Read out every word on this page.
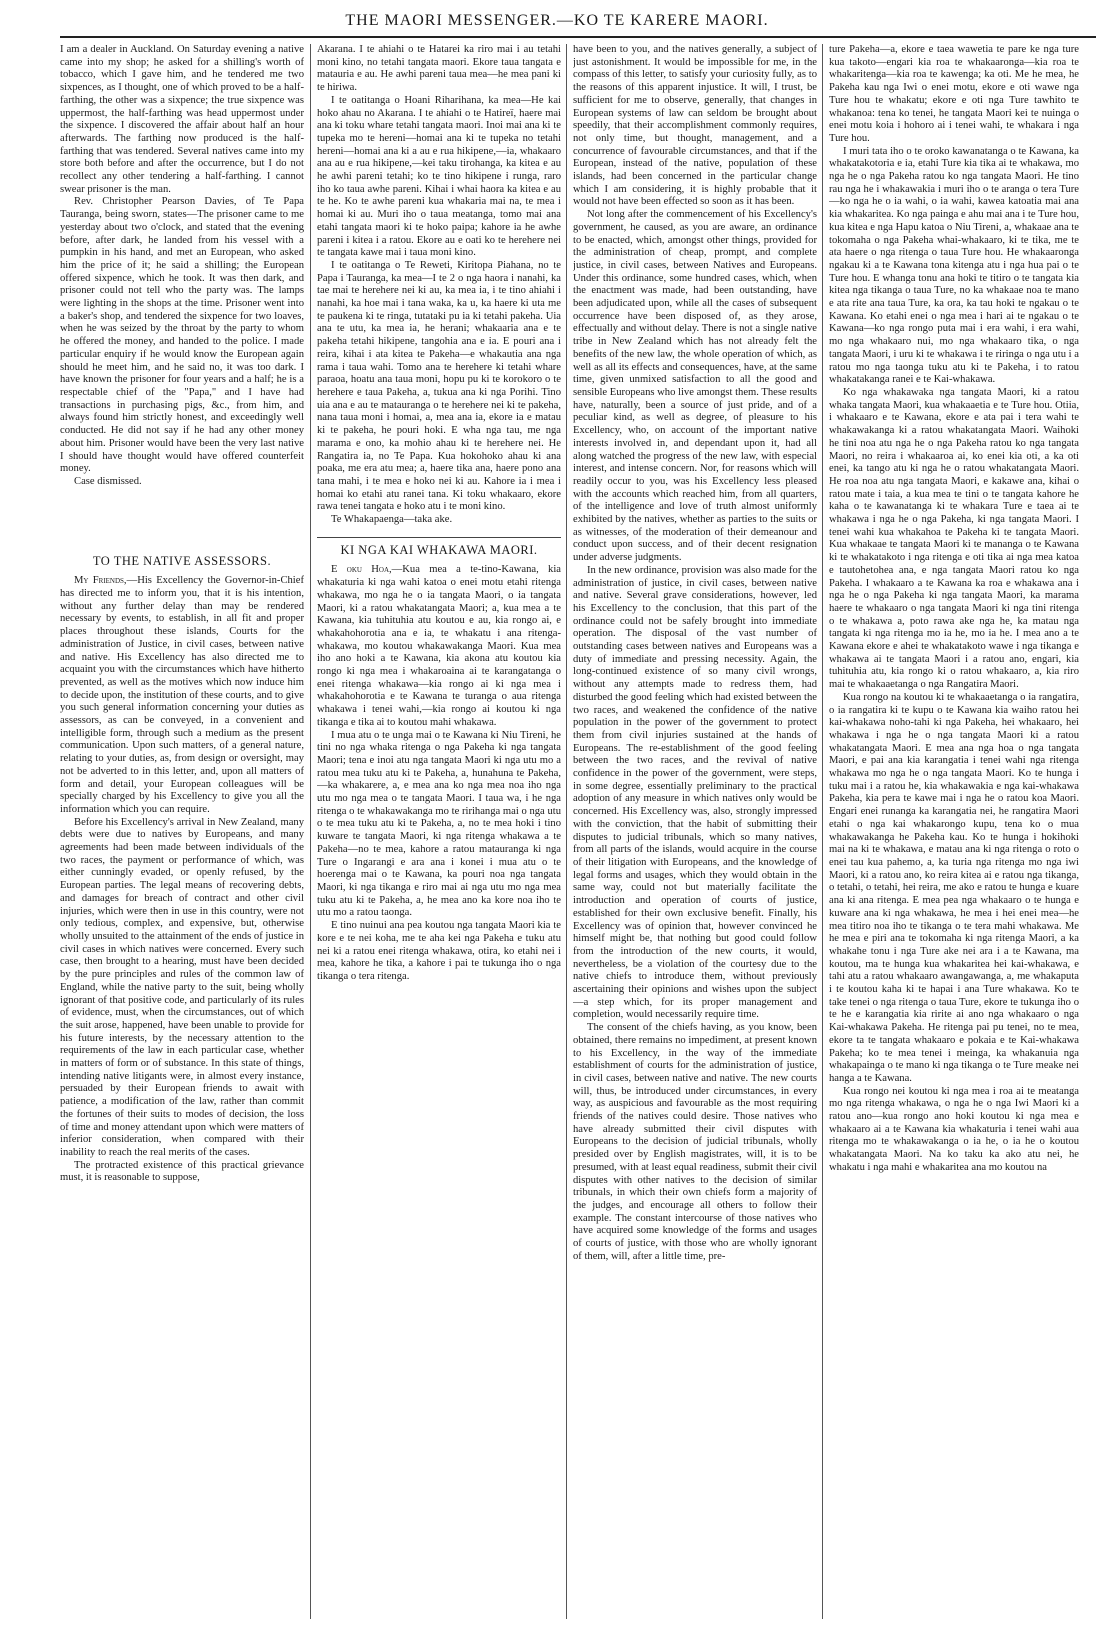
THE MAORI MESSENGER.—KO TE KARERE MAORI.

I am a dealer in Auckland. On Saturday evening a native came into my shop; he asked for a shilling's worth of tobacco, which I gave him, and he tendered me two sixpences, as I thought, one of which proved to be a half-farthing, the other was a sixpence; the true sixpence was uppermost, the half-farthing was head uppermost under the sixpence. I discovered the affair about half an hour afterwards. The farthing now produced is the half-farthing that was tendered. Several natives came into my store both before and after the occurrence, but I do not recollect any other tendering a half-farthing. I cannot swear prisoner is the man.

Rev. Christopher Pearson Davies, of Te Papa Tauranga, being sworn, states—The prisoner came to me yesterday about two o'clock, and stated that the evening before, after dark, he landed from his vessel with a pumpkin in his hand, and met an European, who asked him the price of it; he said a shilling; the European offered sixpence, which he took. It was then dark, and prisoner could not tell who the party was. The lamps were lighting in the shops at the time. Prisoner went into a baker's shop, and tendered the sixpence for two loaves, when he was seized by the throat by the party to whom he offered the money, and handed to the police. I made particular enquiry if he would know the European again should he meet him, and he said no, it was too dark. I have known the prisoner for four years and a half; he is a respectable chief of the "Papa," and I have had transactions in purchasing pigs, &c., from him, and always found him strictly honest, and exceedingly well conducted. He did not say if he had any other money about him. Prisoner would have been the very last native I should have thought would have offered counterfeit money.

Case dismissed.

TO THE NATIVE ASSESSORS.

My Friends,—His Excellency the Governor-in-Chief has directed me to inform you, that it is his intention, without any further delay than may be rendered necessary by events, to establish, in all fit and proper places throughout these islands, Courts for the administration of Justice, in civil cases, between native and native. His Excellency has also directed me to acquaint you with the circumstances which have hitherto prevented, as well as the motives which now induce him to decide upon, the institution of these courts, and to give you such general information concerning your duties as assessors, as can be conveyed, in a convenient and intelligible form, through such a medium as the present communication. Upon such matters, of a general nature, relating to your duties, as, from design or oversight, may not be adverted to in this letter, and, upon all matters of form and detail, your European colleagues will be specially charged by his Excellency to give you all the information which you can require.

Before his Excellency's arrival in New Zealand, many debts were due to natives by Europeans, and many agreements had been made between individuals of the two races, the payment or performance of which, was either cunningly evaded, or openly refused, by the European parties. The legal means of recovering debts, and damages for breach of contract and other civil injuries, which were then in use in this country, were not only tedious, complex, and expensive, but, otherwise wholly unsuited to the attainment of the ends of justice in civil cases in which natives were concerned. Every such case, then brought to a hearing, must have been decided by the pure principles and rules of the common law of England, while the native party to the suit, being wholly ignorant of that positive code, and particularly of its rules of evidence, must, when the circumstances, out of which the suit arose, happened, have been unable to provide for his future interests, by the necessary attention to the requirements of the law in each particular case, whether in matters of form or of substance. In this state of things, intending native litigants were, in almost every instance, persuaded by their European friends to await with patience, a modification of the law, rather than commit the fortunes of their suits to modes of decision, the loss of time and money attendant upon which were matters of inferior consideration, when compared with their inability to reach the real merits of the cases.

The protracted existence of this practical grievance must, it is reasonable to suppose,

Akarana. I te ahiahi o te Hatarei ka riro mai i au tetahi moni kino, no tetahi tangata maori. Ekore taua tangata e matauria e au. He awhi pareni taua mea—he mea pani ki te hiriwa.

I te oatitanga o Hoani Riharihana, ka mea—He kai hoko ahau no Akarana. I te ahiahi o te Hatireï, haere mai ana ki toku whare tetahi tangata maori. Inoi mai ana ki te tupeka mo te hereni—homai ana ki te tupeka no tetahi hereni—homai ana ki a au e rua hikipene,—ia, whakaaro ana au e rua hikipene,—kei taku tirohanga, ka kitea e au he awhi pareni tetahi; ko te tino hikipene i runga, raro iho ko taua awhe pareni. Kihai i whai haora ka kitea e au te he. Ko te awhe pareni kua whakaria mai na, te mea i homai ki au. Muri iho o taua meatanga, tomo mai ana etahi tangata maori ki te hoko paipa; kahore ia he awhe pareni i kitea i a ratou. Ekore au e oati ko te herehere nei te tangata kawe mai i taua moni kino.

I te oatitanga o Te Reweti, Kiritopa Piahana, no te Papa i Tauranga, ka mea—I te 2 o nga haora i nanahi, ka tae mai te herehere nei ki au, ka mea ia, i te tino ahiahi i nanahi, ka hoe mai i tana waka, ka u, ka haere ki uta me te paukena ki te ringa, tutataki pu ia ki tetahi pakeha. Uia ana te utu, ka mea ia, he herani; whakaaria ana e te pakeha tetahi hikipene, tangohia ana e ia. E pouri ana i reira, kihai i ata kitea te Pakeha—e whakautia ana nga rama i taua wahi. Tomo ana te herehere ki tetahi whare paraoa, hoatu ana taua moni, hopu pu ki te korokoro o te herehere e taua Pakeha, a, tukua ana ki nga Porihi. Tino uia ana e au te matauranga o te herehere nei ki te pakeha, nana taua moni i homai, a, mea ana ia, ekore ia e matau ki te pakeha, he pouri hoki. E wha nga tau, me nga marama e ono, ka mohio ahau ki te herehere nei. He Rangatira ia, no Te Papa. Kua hokohoko ahau ki ana poaka, me era atu mea; a, haere tika ana, haere pono ana tana mahi, i te mea e hoko nei ki au. Kahore ia i mea i homai ko etahi atu ranei tana. Ki toku whakaaro, ekore rawa tenei tangata e hoko atu i te moni kino.

Te Whakapaenga—taka ake.

KI NGA KAI WHAKAWA MAORI.

E oku Hoa,—Kua mea a te-tino-Kawana, kia whakaturia ki nga wahi katoa o enei motu etahi ritenga whakawa, mo nga he o ia tangata Maori, o ia tangata Maori, ki a ratou whakatangata Maori; a, kua mea a te Kawana, kia tuhituhia atu koutou e au, kia rongo ai, e whakahohorotia ana e ia, te whakatu i ana ritenga-whakawa, mo koutou whakawakanga Maori. Kua mea iho ano hoki a te Kawana, kia akona atu koutou kia rongo ki nga mea i whakaroaina ai te karangatanga o enei ritenga whakawa—kia rongo ai ki nga mea i whakahohorotia e te Kawana te turanga o aua ritenga whakawa i tenei wahi,—kia rongo ai koutou ki nga tikanga e tika ai to koutou mahi whakawa.

I mua atu o te unga mai o te Kawana ki Niu Tireni, he tini no nga whaka ritenga o nga Pakeha ki nga tangata Maori; tena e inoi atu nga tangata Maori ki nga utu mo a ratou mea tuku atu ki te Pakeha, a, hunahuna te Pakeha,—ka whakarere, a, e mea ana ko nga mea noa iho nga utu mo nga mea o te tangata Maori. I taua wa, i he nga ritenga o te whakawakanga mo te ririhanga mai o nga utu o te mea tuku atu ki te Pakeha, a, no te mea hoki i tino kuware te tangata Maori, ki nga ritenga whakawa a te Pakeha—no te mea, kahore a ratou matauranga ki nga Ture o Ingarangi e ara ana i konei i mua atu o te hoerenga mai o te Kawana, ka pouri noa nga tangata Maori, ki nga tikanga e riro mai ai nga utu mo nga mea tuku atu ki te Pakeha, a, he mea ano ka kore noa iho te utu mo a ratou taonga.

E tino nuinui ana pea koutou nga tangata Maori kia te kore e te nei koha, me te aha kei nga Pakeha e tuku atu nei ki a ratou enei ritenga whakawa, otira, ko etahi nei i mea, kahore he tika, a kahore i pai te tukunga iho o nga tikanga o tera ritenga.

have been to you, and the natives generally, a subject of just astonishment. It would be impossible for me, in the compass of this letter, to satisfy your curiosity fully, as to the reasons of this apparent injustice. It will, I trust, be sufficient for me to observe, generally, that changes in European systems of law can seldom be brought about speedily, that their accomplishment commonly requires, not only time, but thought, management, and a concurrence of favourable circumstances, and that if the European, instead of the native, population of these islands, had been concerned in the particular change which I am considering, it is highly probable that it would not have been effected so soon as it has been.

Not long after the commencement of his Excellency's government, he caused, as you are aware, an ordinance to be enacted, which, amongst other things, provided for the administration of cheap, prompt, and complete justice, in civil cases, between Natives and Europeans. Under this ordinance, some hundred cases, which, when the enactment was made, had been outstanding, have been adjudicated upon, while all the cases of subsequent occurrence have been disposed of, as they arose, effectually and without delay. There is not a single native tribe in New Zealand which has not already felt the benefits of the new law, the whole operation of which, as well as all its effects and consequences, have, at the same time, given unmixed satisfaction to all the good and sensible Europeans who live amongst them. These results have, naturally, been a source of just pride, and of a peculiar kind, as well as degree, of pleasure to his Excellency, who, on account of the important native interests involved in, and dependant upon it, had all along watched the progress of the new law, with especial interest, and intense concern. Nor, for reasons which will readily occur to you, was his Excellency less pleased with the accounts which reached him, from all quarters, of the intelligence and love of truth almost uniformly exhibited by the natives, whether as parties to the suits or as witnesses, of the moderation of their demeanour and conduct upon success, and of their decent resignation under adverse judgments.

In the new ordinance, provision was also made for the administration of justice, in civil cases, between native and native. Several grave considerations, however, led his Excellency to the conclusion, that this part of the ordinance could not be safely brought into immediate operation. The disposal of the vast number of outstanding cases between natives and Europeans was a duty of immediate and pressing necessity. Again, the long-continued existence of so many civil wrongs, without any attempts made to redress them, had disturbed the good feeling which had existed between the two races, and weakened the confidence of the native population in the power of the government to protect them from civil injuries sustained at the hands of Europeans. The re-establishment of the good feeling between the two races, and the revival of native confidence in the power of the government, were steps, in some degree, essentially preliminary to the practical adoption of any measure in which natives only would be concerned. His Excellency was, also, strongly impressed with the conviction, that the habit of submitting their disputes to judicial tribunals, which so many natives, from all parts of the islands, would acquire in the course of their litigation with Europeans, and the knowledge of legal forms and usages, which they would obtain in the same way, could not but materially facilitate the introduction and operation of courts of justice, established for their own exclusive benefit. Finally, his Excellency was of opinion that, however convinced he himself might be, that nothing but good could follow from the introduction of the new courts, it would, nevertheless, be a violation of the courtesy due to the native chiefs to introduce them, without previously ascertaining their opinions and wishes upon the subject—a step which, for its proper management and completion, would necessarily require time.

The consent of the chiefs having, as you know, been obtained, there remains no impediment, at present known to his Excellency, in the way of the immediate establishment of courts for the administration of justice, in civil cases, between native and native. The new courts will, thus, be introduced under circumstances, in every way, as auspicious and favourable as the most requiring friends of the natives could desire. Those natives who have already submitted their civil disputes with Europeans to the decision of judicial tribunals, wholly presided over by English magistrates, will, it is to be presumed, with at least equal readiness, submit their civil disputes with other natives to the decision of similar tribunals, in which their own chiefs form a majority of the judges, and encourage all others to follow their example. The constant intercourse of those natives who have acquired some knowledge of the forms and usages of courts of justice, with those who are wholly ignorant of them, will, after a little time, pre-

ture Pakeha—a, ekore e taea wawetia te pare ke nga ture kua takoto—engari kia roa te whakaaronga—kia roa te whakaritenga—kia roa te kawenga; ka oti. Me he mea, he Pakeha kau nga Iwi o enei motu, ekore e oti wawe nga Ture hou te whakatu; ekore e oti nga Ture tawhito te whakanoa: tena ko tenei, he tangata Maori kei te nuinga o enei motu koia i hohoro ai i tenei wahi, te whakara i nga Ture hou.

I muri tata iho o te oroko kawanatanga o te Kawana, ka whakatakotoria e ia, etahi Ture kia tika ai te whakawa, mo nga he o nga Pakeha ratou ko nga tangata Maori. He tino rau nga he i whakawakia i muri iho o te aranga o tera Ture—ko nga he o ia wahi, o ia wahi, kawea katoatia mai ana kia whakaritea. Ko nga painga e ahu mai ana i te Ture hou, kua kitea e nga Hapu katoa o Niu Tireni, a, whakaae ana te tokomaha o nga Pakeha whai-whakaaro, ki te tika, me te ata haere o nga ritenga o taua Ture hou. He whakaaronga ngakau ki a te Kawana tona kitenga atu i nga hua pai o te Ture hou. E whanga tonu ana hoki te titiro o te tangata kia kitea nga tikanga o taua Ture, no ka whakaae noa te mano e ata rite ana taua Ture, ka ora, ka tau hoki te ngakau o te Kawana. Ko etahi enei o nga mea i hari ai te ngakau o te Kawana—ko nga rongo puta mai i era wahi, i era wahi, mo nga whakaaro nui, mo nga whakaaro tika, o nga tangata Maori, i uru ki te whakawa i te riringa o nga utu i a ratou mo nga taonga tuku atu ki te Pakeha, i to ratou whakatakanga ranei e te Kai-whakawa.

Ko nga whakawaka nga tangata Maori, ki a ratou whaka tangata Maori, kua whakaaetia e te Ture hou. Otiia, i whakaaro e te Kawana, ekore e ata pai i tera wahi te whakawakanga ki a ratou whakatangata Maori. Waihoki he tini noa atu nga he o nga Pakeha ratou ko nga tangata Maori, no reira i whakaaroa ai, ko enei kia oti, a ka oti enei, ka tango atu ki nga he o ratou whakatangata Maori. He roa noa atu nga tangata Maori, e kakawe ana, kihai o ratou mate i taia, a kua mea te tini o te tangata kahore he kaha o te kawanatanga ki te whakara Ture e taea ai te whakawa i nga he o nga Pakeha, ki nga tangata Maori. I tenei wahi kua whakahoa te Pakeha ki te tangata Maori. Kua whakaae te tangata Maori ki te mananga o te Kawana ki te whakatakoto i nga ritenga e oti tika ai nga mea katoa e tautohetohea ana, e nga tangata Maori ratou ko nga Pakeha. I whakaaro a te Kawana ka roa e whakawa ana i nga he o nga Pakeha ki nga tangata Maori, ka marama haere te whakaaro o nga tangata Maori ki nga tini ritenga o te whakawa a, poto rawa ake nga he, ka matau nga tangata ki nga ritenga mo ia he, mo ia he. I mea ano a te Kawana ekore e ahei te whakatakoto wawe i nga tikanga e whakawa ai te tangata Maori i a ratou ano, engari, kia tuhituhia atu, kia rongo ki o ratou whakaaro, a, kia riro mai te whakaaetanga o nga Rangatira Maori.

Kua rongo na koutou ki te whakaaetanga o ia rangatira, o ia rangatira ki te kupu o te Kawana kia waiho ratou hei kai-whakawa noho-tahi ki nga Pakeha, hei whakaaro, hei whakawa i nga he o nga tangata Maori ki a ratou whakatangata Maori. E mea ana nga hoa o nga tangata Maori, e pai ana kia karangatia i tenei wahi nga ritenga whakawa mo nga he o nga tangata Maori. Ko te hunga i tuku mai i a ratou he, kia whakawakia e nga kai-whakawa Pakeha, kia pera te kawe mai i nga he o ratou koa Maori. Engari enei runanga ka karangatia nei, he rangatira Maori etahi o nga kai whakarongo kupu, tena ko o mua whakawakanga he Pakeha kau. Ko te hunga i hokihoki mai na ki te whakawa, e matau ana ki nga ritenga o roto o enei tau kua pahemo, a, ka turia nga ritenga mo nga iwi Maori, ki a ratou ano, ko reira kitea ai e ratou nga tikanga, o tetahi, o tetahi, hei reira, me ako e ratou te hunga e kuare ana ki ana ritenga. E mea pea nga whakaaro o te hunga e kuware ana ki nga whakawa, he mea i hei enei mea—he mea titiro noa iho te tikanga o te tera mahi whakawa. Me he mea e piri ana te tokomaha ki nga ritenga Maori, a ka whakahe tonu i nga Ture ake nei ara i a te Kawana, ma koutou, ma te hunga kua whakaritea hei kai-whakawa, e tahi atu a ratou whakaaro awangawanga, a, me whakaputa i te koutou kaha ki te hapai i ana Ture whakawa. Ko te take tenei o nga ritenga o taua Ture, ekore te tukunga iho o te he e karangatia kia ririte ai ano nga whakaaro o nga Kai-whakawa Pakeha. He ritenga pai pu tenei, no te mea, ekore ta te tangata whakaaro e pokaia e te Kai-whakawa Pakeha; ko te mea tenei i meinga, ka whakanuia nga whakapainga o te mano ki nga tikanga o te Ture meake nei hanga a te Kawana.

Kua rongo nei koutou ki nga mea i roa ai te meatanga mo nga ritenga whakawa, o nga he o nga Iwi Maori ki a ratou ano—kua rongo ano hoki koutou ki nga mea e whakaaro ai a te Kawana kia whakaturia i tenei wahi aua ritenga mo te whakawakanga o ia he, o ia he o koutou whakatangata Maori. Na ko taku ka ako atu nei, he whakatu i nga mahi e whakaritea ana mo koutou na
